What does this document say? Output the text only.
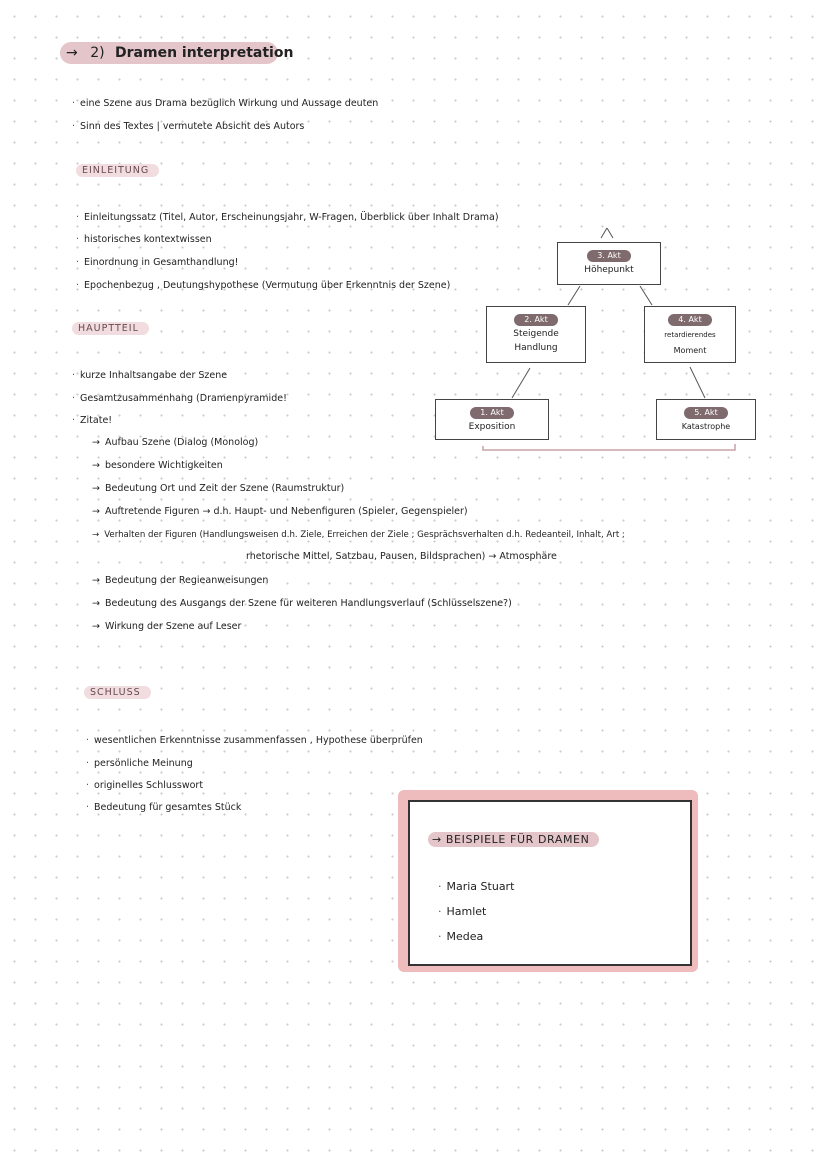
→ 2) Dramen interpretation
· eine Szene aus Drama bezüglich Wirkung und Aussage deuten
· Sinn des Textes | vermutete Absicht des Autors
EINLEITUNG
· Einleitungssatz (Titel, Autor, Erscheinungsjahr, W-Fragen, Überblick über Inhalt Drama)
· historisches kontextwissen
· Einordnung in Gesamthandlung!
· Epochenbezug , Deutungshypothese (Vermutung über Erkenntnis der Szene)
HAUPTTEIL
· kurze Inhaltsangabe der Szene
· Gesamtzusammenhang (Dramenpyramide!
· Zitate!
→ Aufbau Szene (Dialog (Monolog)
→ besondere Wichtigkeiten
→ Bedeutung Ort und Zeit der Szene (Raumstruktur)
→ Auftretende Figuren → d.h. Haupt- und Nebenfiguren (Spieler, Gegenspieler)
→ Verhalten der Figuren (Handlungsweisen d.h. Ziele, Erreichen der Ziele ; Gesprächsverhalten d.h. Redeanteil, Inhalt, Art ;
rhetorische Mittel, Satzbau, Pausen, Bildsprachen) → Atmosphäre
→ Bedeutung der Regieanweisungen
→ Bedeutung des Ausgangs der Szene für weiteren Handlungsverlauf (Schlüsselszene?)
→ Wirkung der Szene auf Leser
3. Akt
Höhepunkt
2. Akt
Steigende
Handlung
4. Akt
retardierendes
Moment
1. Akt
Exposition
5. Akt
Katastrophe
SCHLUSS
· wesentlichen Erkenntnisse zusammenfassen , Hypothese überprüfen
· persönliche Meinung
· originelles Schlusswort
· Bedeutung für gesamtes Stück
→ BEISPIELE FÜR DRAMEN
· Maria Stuart
· Hamlet
· Medea
